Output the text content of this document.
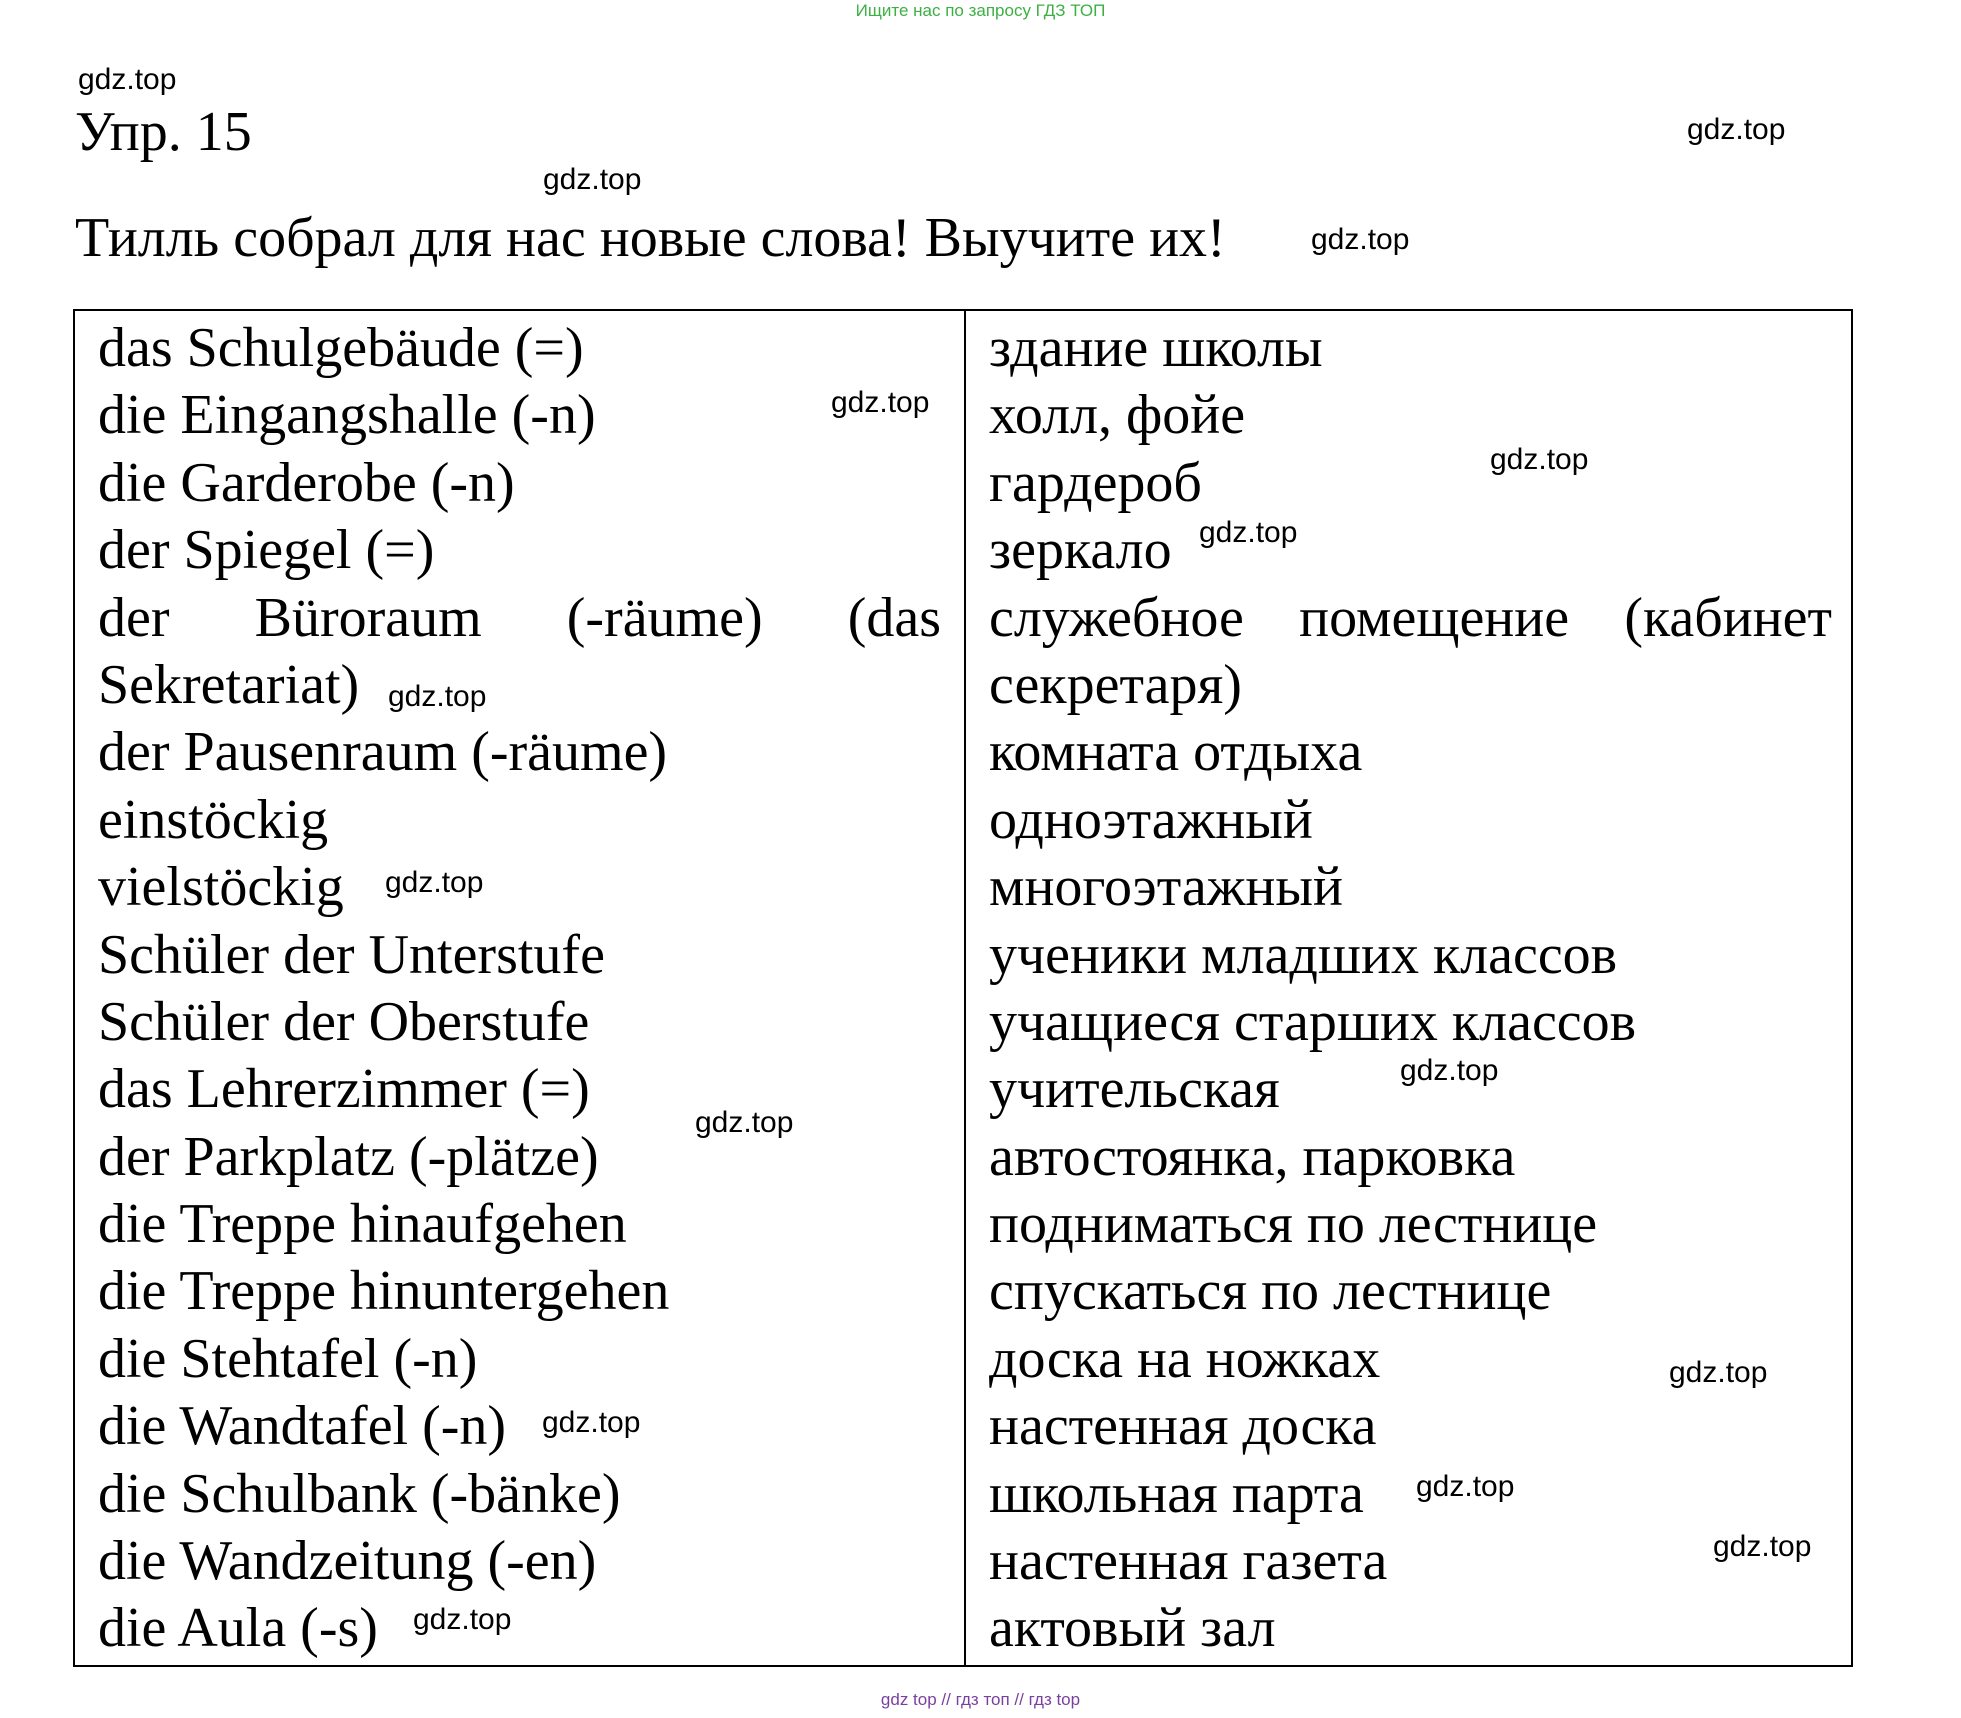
Ищите нас по запросу ГДЗ ТОП
gdz.top
Упр. 15	gdz.top
gdz.top
Тилль собрал для нас новые слова! Выучите их!	gdz.top
das Schulgebäude (=)
die Eingangshalle (-n)
die Garderobe (-n)
der Spiegel (=)
der Büroraum (-räume) (das Sekretariat)
der Pausenraum (-räume)
einstöckig
vielstöckig
Schüler der Unterstufe
Schüler der Oberstufe
das Lehrerzimmer (=)
der Parkplatz (-plätze)
die Treppe hinaufgehen
die Treppe hinuntergehen
die Stehtafel (-n)
die Wandtafel (-n)
die Schulbank (-bänke)
die Wandzeitung (-en)
die Aula (-s)
здание школы
холл, фойе
гардероб
зеркало
служебное помещение (кабинет секретаря)
комната отдыха
одноэтажный
многоэтажный
ученики младших классов
учащиеся старших классов
учительская
автостоянка, парковка
подниматься по лестнице
спускаться по лестнице
доска на ножках
настенная доска
школьная парта
настенная газета
актовый зал
gdz.top
gdz.top
gdz.top
gdz.top
gdz.top
gdz.top
gdz.top
gdz.top
gdz.top
gdz.top
gdz.top
gdz.top
gdz top // гдз топ // гдз top
